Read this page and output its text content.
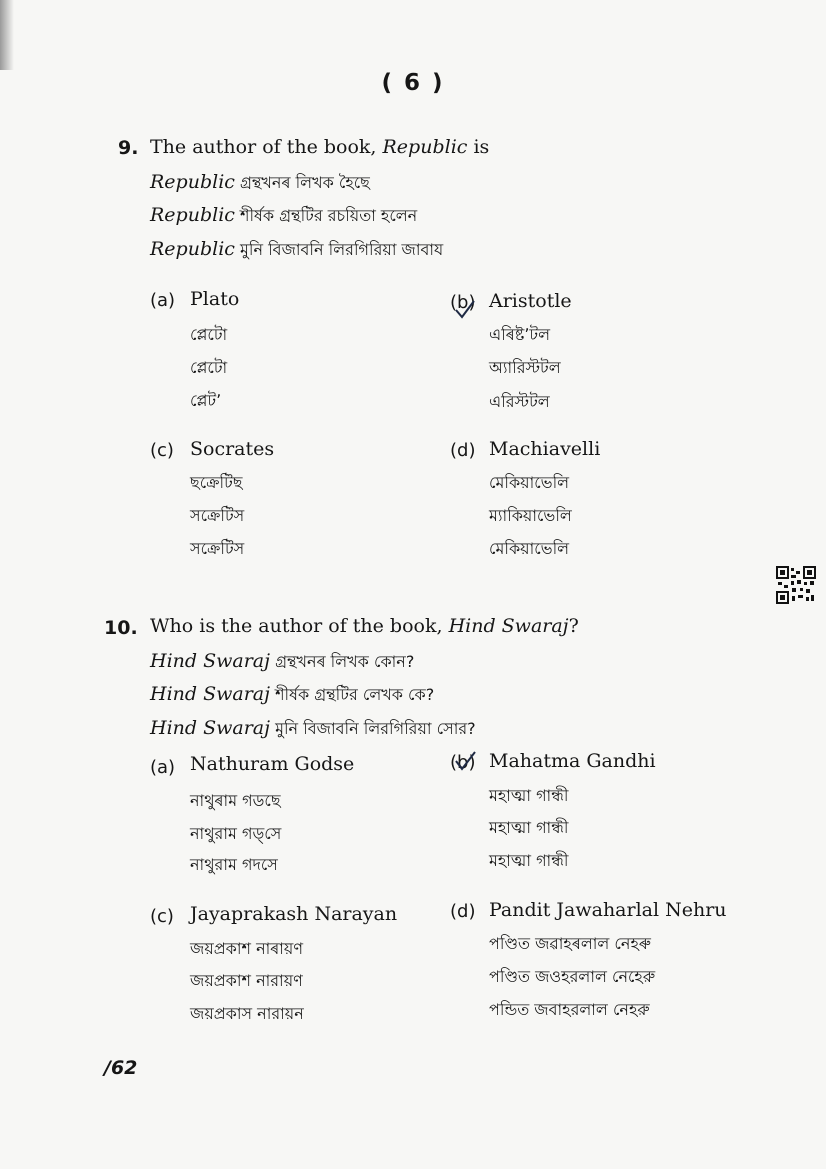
( 6 )
9. The author of the book, Republic is
Republic গ্ৰন্থখনৰ লিখক হৈছে
Republic শীর্ষক গ্রন্থটির রচয়িতা হলেন
Republic মুনি বিজাবনি লিরগিরিয়া জাবায
(a) Plato
প্লেটো
প্লেটো
প্লেটʼ
(b) Aristotle
এৰিষ্টʼটল
অ্যারিস্টটল
এরিস্টটল
(c) Socrates
ছক্ৰেটিছ
সক্রেটিস
সক্রেটিস
(d) Machiavelli
মেকিয়াভেলি
ম্যাকিয়াভেলি
মেকিয়াভেলি
10. Who is the author of the book, Hind Swaraj?
Hind Swaraj গ্ৰন্থখনৰ লিখক কোন?
Hind Swaraj শীর্ষক গ্রন্থটির লেখক কে?
Hind Swaraj মুনি বিজাবনি লিরগিরিয়া সোর?
(a) Nathuram Godse
নাথুৰাম গডছে
নাথুরাম গড্‌সে
নাথুরাম গদসে
(b) Mahatma Gandhi
মহাত্মা গান্ধী
মহাত্মা গান্ধী
মহাত্মা গান্ধী
(c) Jayaprakash Narayan
জয়প্ৰকাশ নাৰায়ণ
জয়প্রকাশ নারায়ণ
জয়প্রকাস নারায়ন
(d) Pandit Jawaharlal Nehru
পণ্ডিত জৱাহৰলাল নেহৰু
পণ্ডিত জওহরলাল নেহেরু
পন্ডিত জবাহরলাল নেহরু
/62
